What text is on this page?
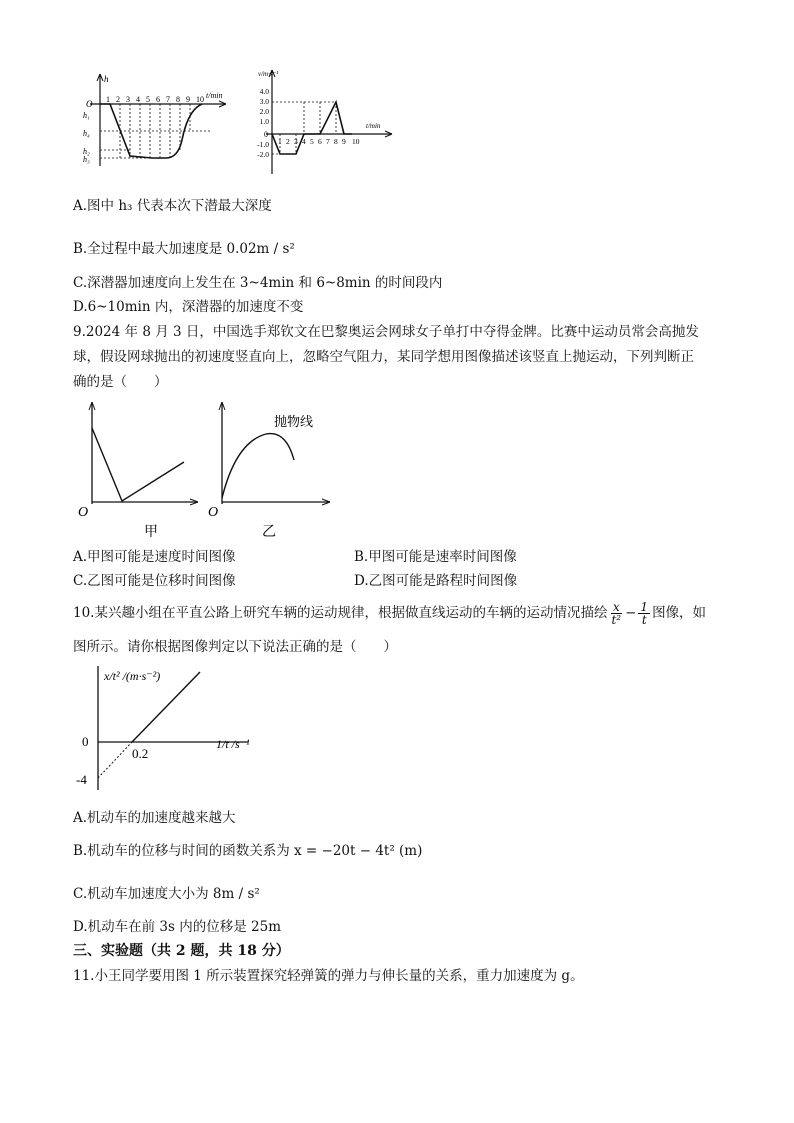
h
t/min
O 1 2 3 4 5 6 7 8 9 10
h₁
h₄
h₂
h₃
v/m·s⁻¹
t/min
0
4.0
3.0
2.0
1.0
-1.0
-2.0
1 2 3 4 5 6 7 8 9 10
A.图中 h₃ 代表本次下潜最大深度
B.全过程中最大加速度是 0.02m / s²
C.深潜器加速度向上发生在 3~4min 和 6~8min 的时间段内
D.6~10min 内，深潜器的加速度不变
9.2024 年 8 月 3 日，中国选手郑钦文在巴黎奥运会网球女子单打中夺得金牌。比赛中运动员常会高抛发
球，假设网球抛出的初速度竖直向上，忽略空气阻力，某同学想用图像描述该竖直上抛运动，下列判断正
确的是（　　）
O
甲
抛物线
O
乙
A.甲图可能是速度时间图像	B.甲图可能是速率时间图像
C.乙图可能是位移时间图像	D.乙图可能是路程时间图像
10.某兴趣小组在平直公路上研究车辆的运动规律，根据做直线运动的车辆的运动情况描绘 $\frac{x}{\text{t²}} - \frac{1}{t}$ 图像，如
图所示。请你根据图像判定以下说法正确的是（　　）
x/t² /(m·s⁻²)
1/t /s⁻¹
0
0.2
-4
A.机动车的加速度越来越大
B.机动车的位移与时间的函数关系为 x = −20t − 4t² (m)
C.机动车加速度大小为 8m / s²
D.机动车在前 3s 内的位移是 25m
三、实验题（共 2 题，共 18 分）
11.小王同学要用图 1 所示装置探究轻弹簧的弹力与伸长量的关系，重力加速度为 g。
